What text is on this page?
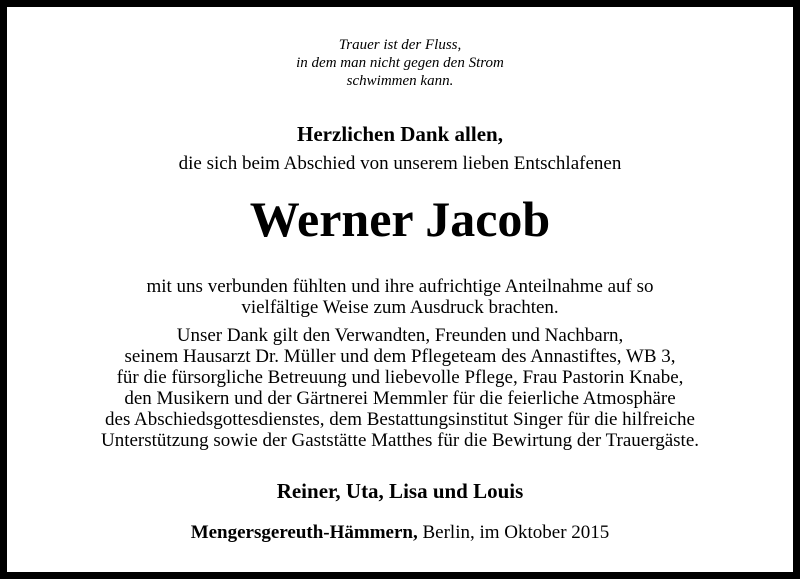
Trauer ist der Fluss,
in dem man nicht gegen den Strom
schwimmen kann.
Herzlichen Dank allen,
die sich beim Abschied von unserem lieben Entschlafenen
Werner Jacob
mit uns verbunden fühlten und ihre aufrichtige Anteilnahme auf so
vielfältige Weise zum Ausdruck brachten.
Unser Dank gilt den Verwandten, Freunden und Nachbarn,
seinem Hausarzt Dr. Müller und dem Pflegeteam des Annastiftes, WB 3,
für die fürsorgliche Betreuung und liebevolle Pflege, Frau Pastorin Knabe,
den Musikern und der Gärtnerei Memmler für die feierliche Atmosphäre
des Abschiedsgottesdienstes, dem Bestattungsinstitut Singer für die hilfreiche
Unterstützung sowie der Gaststätte Matthes für die Bewirtung der Trauergäste.
Reiner, Uta, Lisa und Louis
Mengersgereuth-Hämmern, Berlin, im Oktober 2015
